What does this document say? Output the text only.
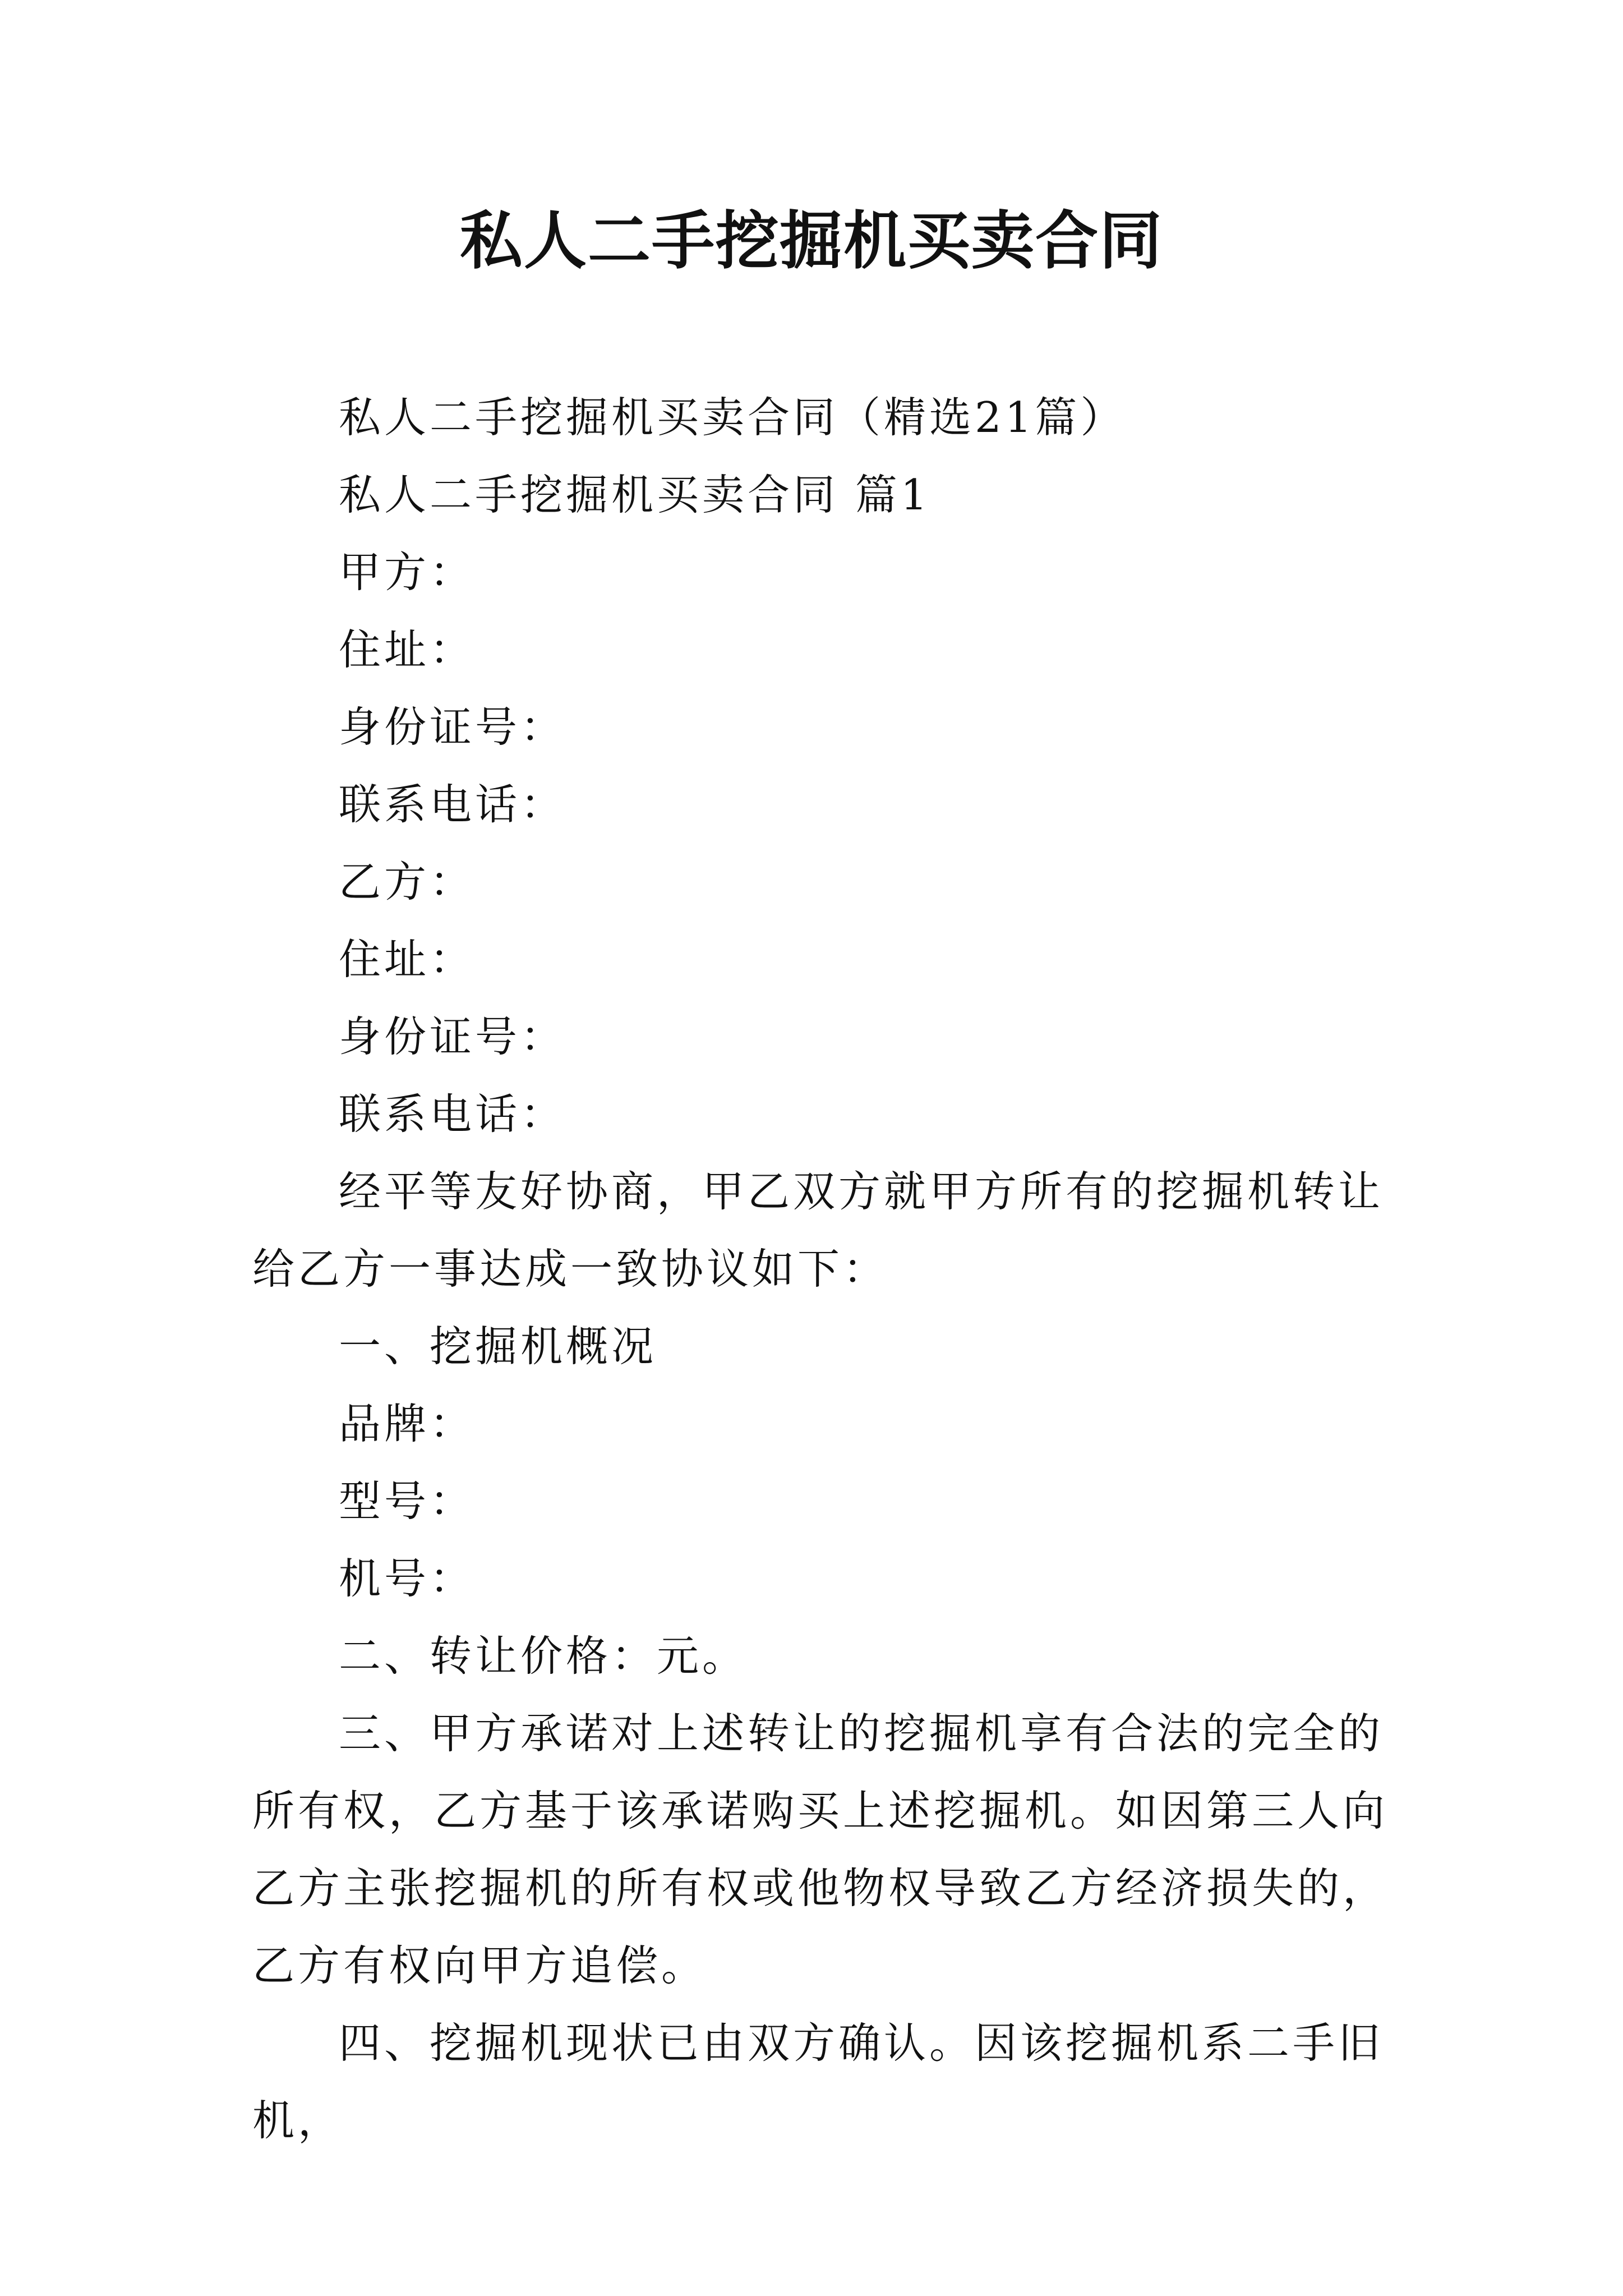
私人二手挖掘机买卖合同

私人二手挖掘机买卖合同（精选21篇）

私人二手挖掘机买卖合同 篇1

甲方：

住址：

身份证号：

联系电话：

乙方：

住址：

身份证号：

联系电话：

经平等友好协商，甲乙双方就甲方所有的挖掘机转让给乙方一事达成一致协议如下：

一、挖掘机概况

品牌：

型号：

机号：

二、转让价格：元。

三、甲方承诺对上述转让的挖掘机享有合法的完全的所有权，乙方基于该承诺购买上述挖掘机。如因第三人向乙方主张挖掘机的所有权或他物权导致乙方经济损失的，乙方有权向甲方追偿。

四、挖掘机现状已由双方确认。因该挖掘机系二手旧机，
